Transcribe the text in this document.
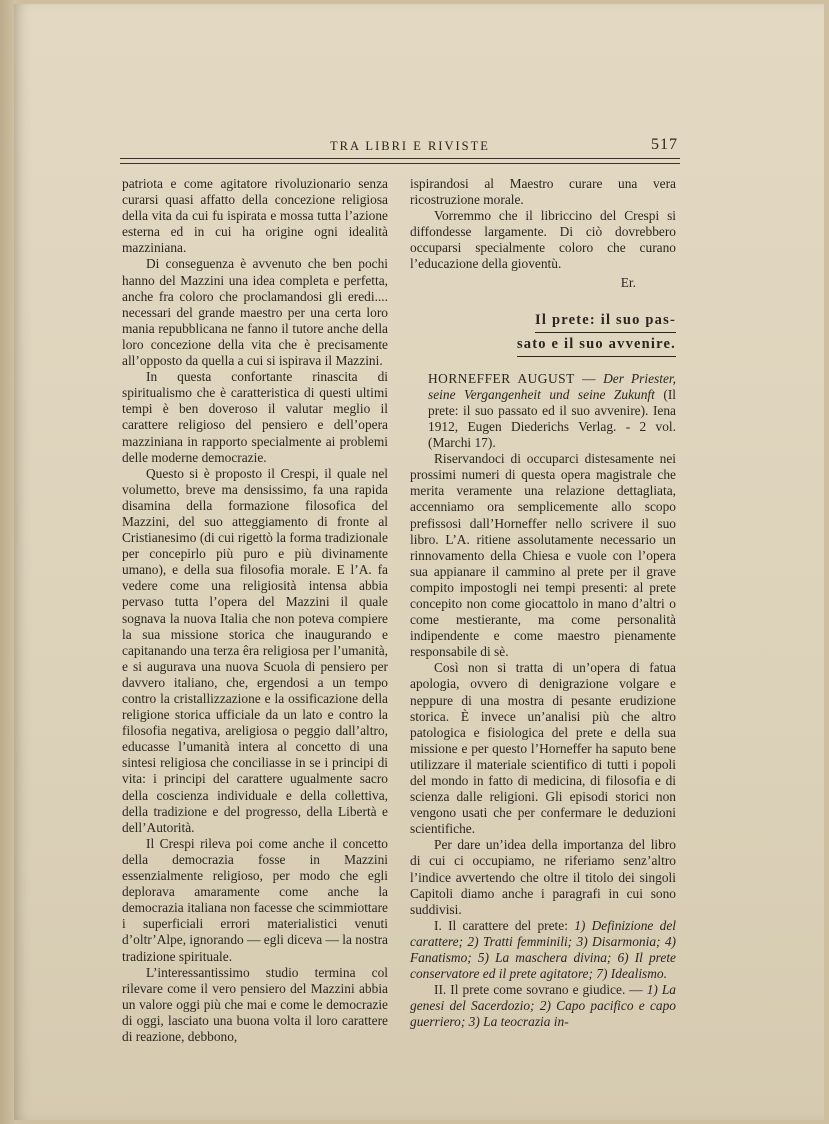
TRA LIBRI E RIVISTE	517

patriota e come agitatore rivoluzionario senza curarsi quasi affatto della concezione religiosa della vita da cui fu ispirata e mossa tutta l’azione esterna ed in cui ha origine ogni idealità mazziniana.

Di conseguenza è avvenuto che ben pochi hanno del Mazzini una idea completa e perfetta, anche fra coloro che proclamandosi gli eredi.... necessari del grande maestro per una certa loro mania repubblicana ne fanno il tutore anche della loro concezione della vita che è precisamente all’opposto da quella a cui si ispirava il Mazzini.

In questa confortante rinascita di spiritualismo che è caratteristica di questi ultimi tempi è ben doveroso il valutar meglio il carattere religioso del pensiero e dell’opera mazziniana in rapporto specialmente ai problemi delle moderne democrazie.

Questo si è proposto il Crespi, il quale nel volumetto, breve ma densissimo, fa una rapida disamina della formazione filosofica del Mazzini, del suo atteggiamento di fronte al Cristianesimo (di cui rigettò la forma tradizionale per concepirlo più puro e più divinamente umano), e della sua filosofia morale. E l’A. fa vedere come una religiosità intensa abbia pervaso tutta l’opera del Mazzini il quale sognava la nuova Italia che non poteva compiere la sua missione storica che inaugurando e capitanando una terza êra religiosa per l’umanità, e si augurava una nuova Scuola di pensiero per davvero italiano, che, ergendosi a un tempo contro la cristallizzazione e la ossificazione della religione storica ufficiale da un lato e contro la filosofia negativa, areligiosa o peggio dall’altro, educasse l’umanità intera al concetto di una sintesi religiosa che conciliasse in se i principi di vita: i principi del carattere ugualmente sacro della coscienza individuale e della collettiva, della tradizione e del progresso, della Libertà e dell’Autorità.

Il Crespi rileva poi come anche il concetto della democrazia fosse in Mazzini essenzialmente religioso, per modo che egli deplorava amaramente come anche la democrazia italiana non facesse che scimmiottare i superficiali errori materialistici venuti d’oltr’Alpe, ignorando — egli diceva — la nostra tradizione spirituale.

L’interessantissimo studio termina col rilevare come il vero pensiero del Mazzini abbia un valore oggi più che mai e come le democrazie di oggi, lasciato una buona volta il loro carattere di reazione, debbono,

ispirandosi al Maestro curare una vera ricostruzione morale.

Vorremmo che il libriccino del Crespi si diffondesse largamente. Di ciò dovrebbero occuparsi specialmente coloro che curano l’educazione della gioventù.

Er.

Il prete: il suo pas-
sato e il suo avvenire.

HORNEFFER AUGUST — Der Priester, seine Vergangenheit und seine Zukunft (Il prete: il suo passato ed il suo avvenire). Iena 1912, Eugen Diederichs Verlag. - 2 vol. (Marchi 17).

Riservandoci di occuparci distesamente nei prossimi numeri di questa opera magistrale che merita veramente una relazione dettagliata, accenniamo ora semplicemente allo scopo prefissosi dall’Horneffer nello scrivere il suo libro. L’A. ritiene assolutamente necessario un rinnovamento della Chiesa e vuole con l’opera sua appianare il cammino al prete per il grave compito impostogli nei tempi presenti: al prete concepito non come giocattolo in mano d’altri o come mestierante, ma come personalità indipendente e come maestro pienamente responsabile di sè.

Così non si tratta di un’opera di fatua apologia, ovvero di denigrazione volgare e neppure di una mostra di pesante erudizione storica. È invece un’analisi più che altro patologica e fisiologica del prete e della sua missione e per questo l’Horneffer ha saputo bene utilizzare il materiale scientifico di tutti i popoli del mondo in fatto di medicina, di filosofia e di scienza dalle religioni. Gli episodi storici non vengono usati che per confermare le deduzioni scientifiche.

Per dare un’idea della importanza del libro di cui ci occupiamo, ne riferiamo senz’altro l’indice avvertendo che oltre il titolo dei singoli Capitoli diamo anche i paragrafi in cui sono suddivisi.

I. Il carattere del prete: 1) Definizione del carattere; 2) Tratti femminili; 3) Disarmonia; 4) Fanatismo; 5) La maschera divina; 6) Il prete conservatore ed il prete agitatore; 7) Idealismo.

II. Il prete come sovrano e giudice. — 1) La genesi del Sacerdozio; 2) Capo pacifico e capo guerriero; 3) La teocrazia in-
